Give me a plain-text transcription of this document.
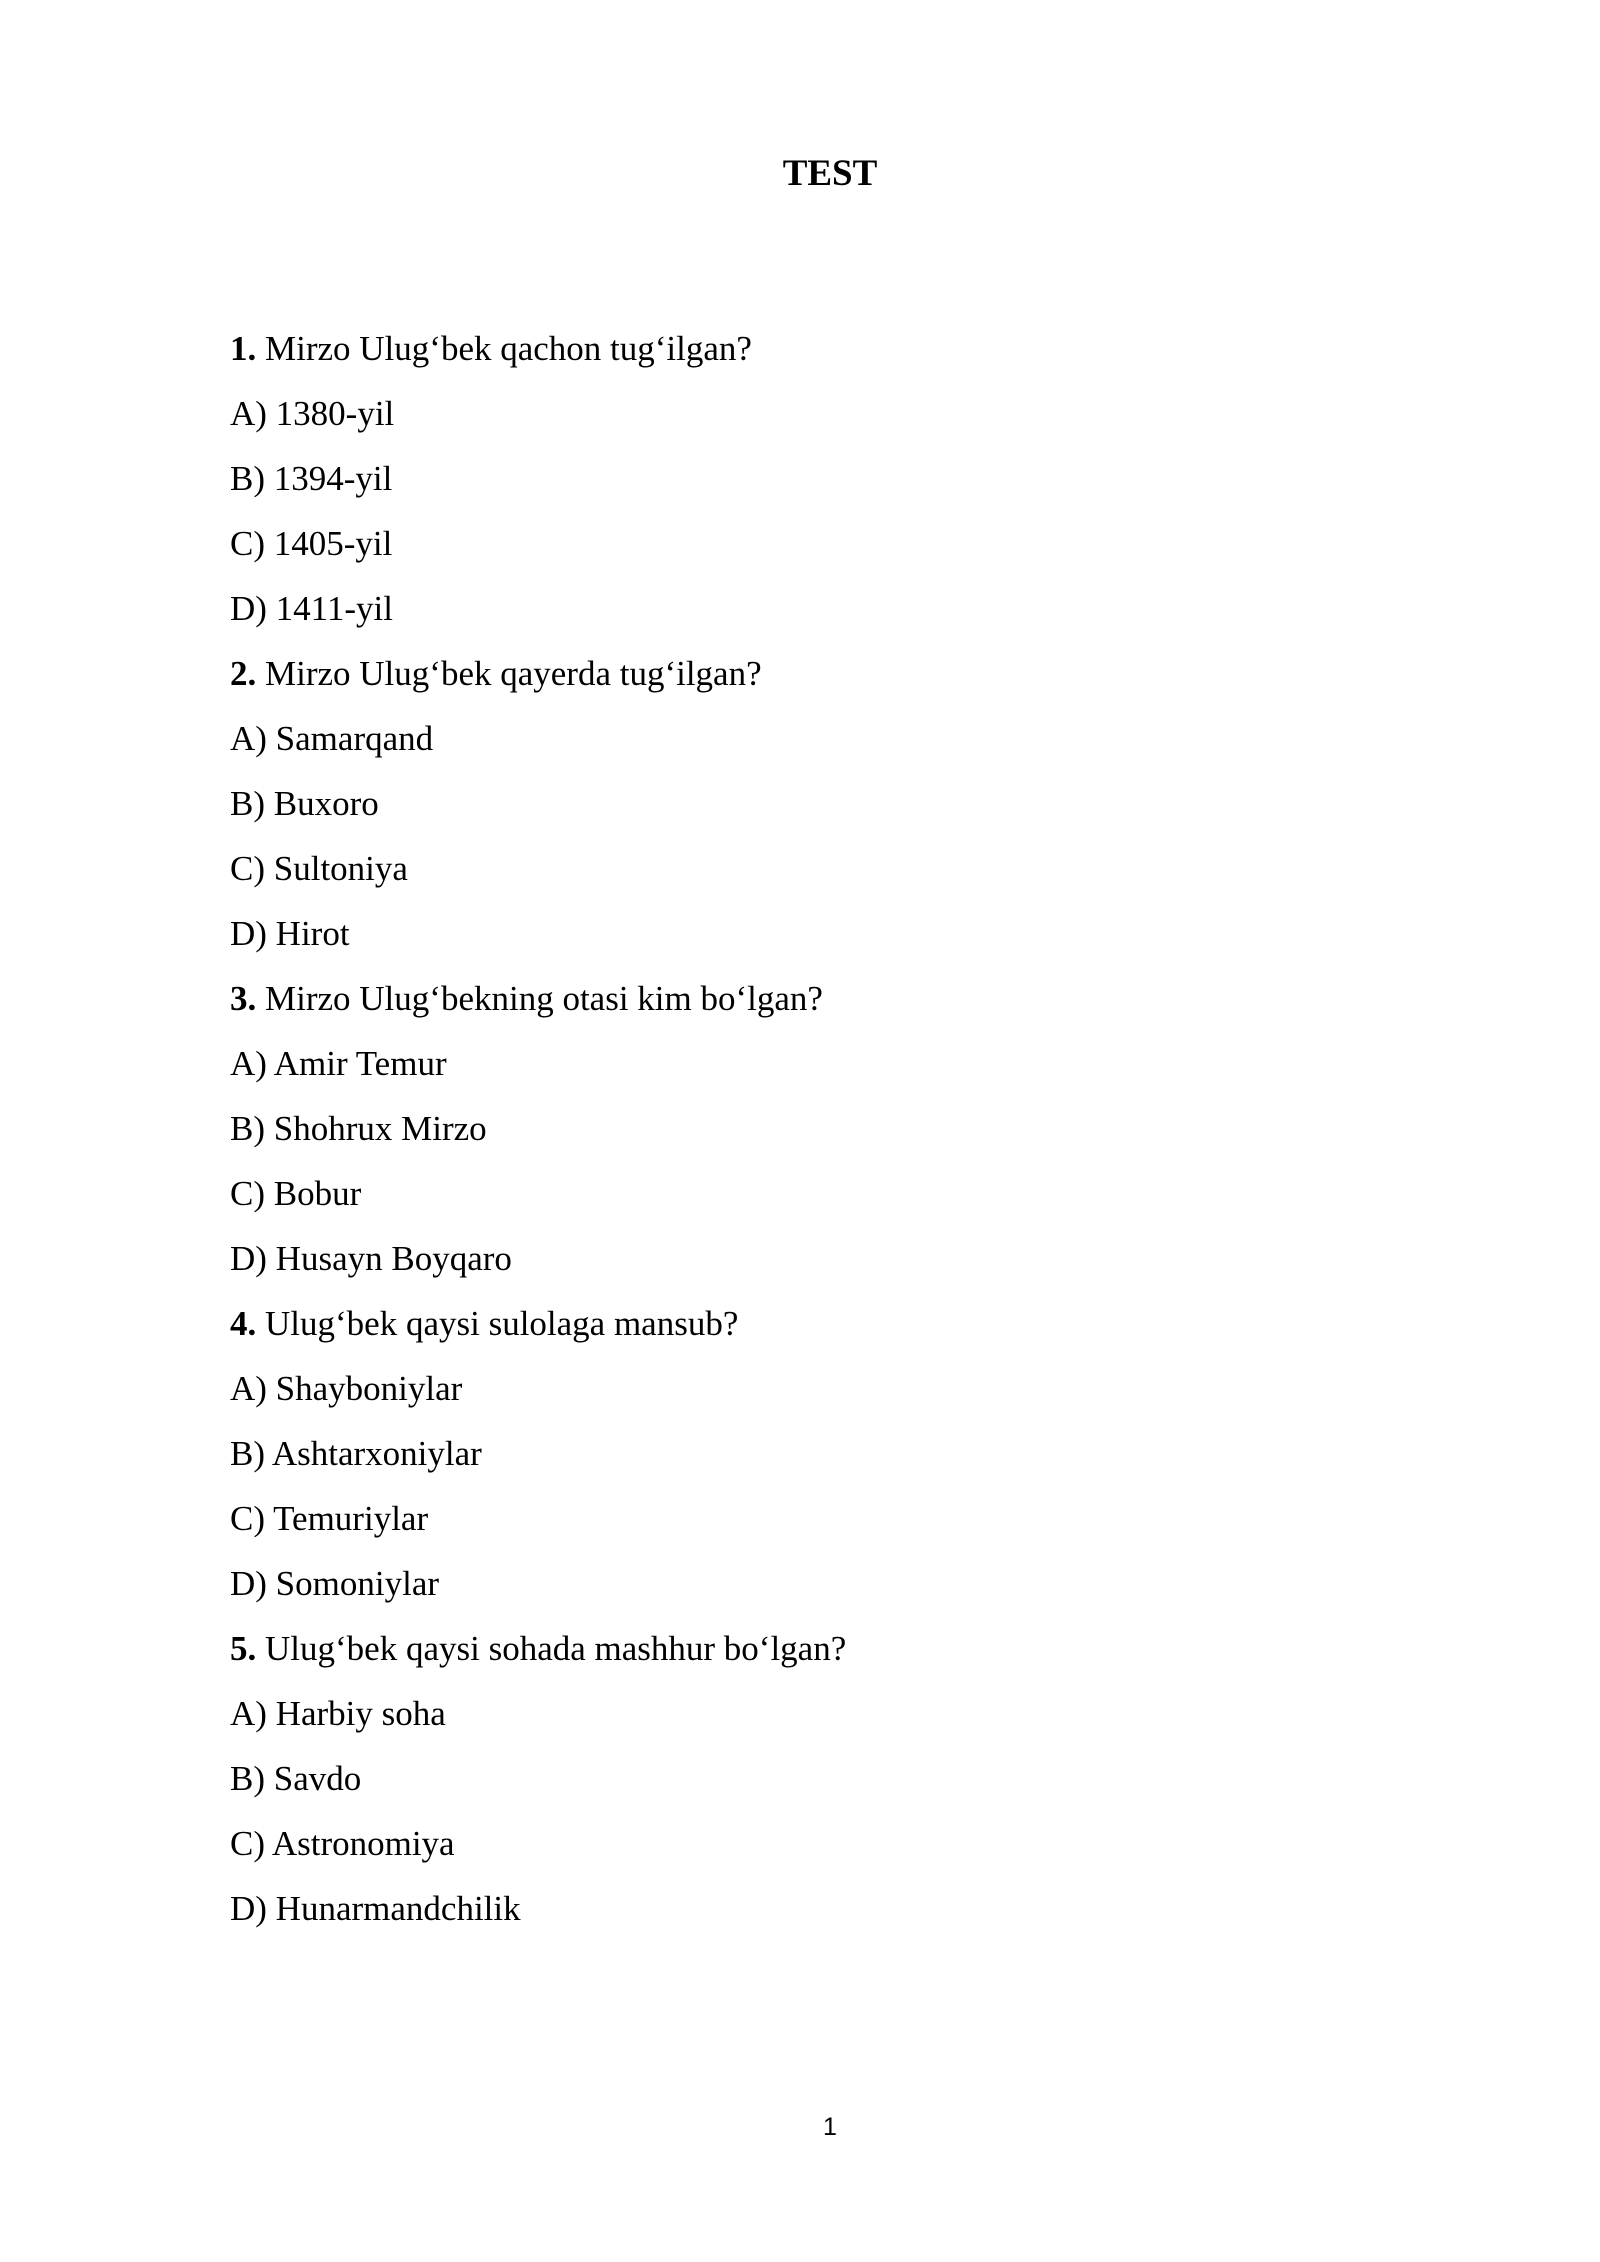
TEST
1. Mirzo Ulug‘bek qachon tug‘ilgan?
A) 1380-yil
B) 1394-yil
C) 1405-yil
D) 1411-yil
2. Mirzo Ulug‘bek qayerda tug‘ilgan?
A) Samarqand
B) Buxoro
C) Sultoniya
D) Hirot
3. Mirzo Ulug‘bekning otasi kim bo‘lgan?
A) Amir Temur
B) Shohrux Mirzo
C) Bobur
D) Husayn Boyqaro
4. Ulug‘bek qaysi sulolaga mansub?
A) Shayboniylar
B) Ashtarxoniylar
C) Temuriylar
D) Somoniylar
5. Ulug‘bek qaysi sohada mashhur bo‘lgan?
A) Harbiy soha
B) Savdo
C) Astronomiya
D) Hunarmandchilik
1
